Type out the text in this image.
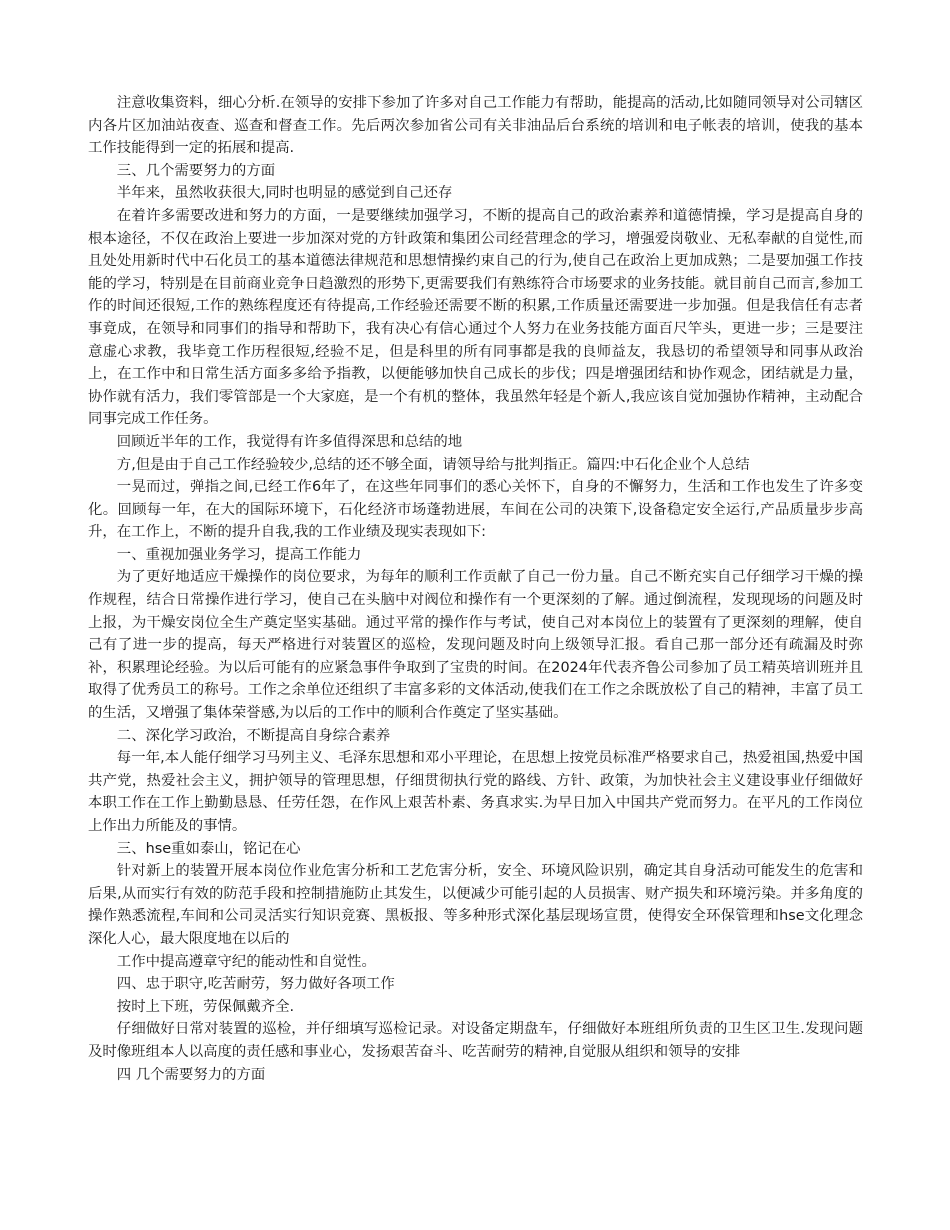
注意收集资料，细心分析.在领导的安排下参加了许多对自己工作能力有帮助，能提高的活动,比如随同领导对公司辖区内各片区加油站夜查、巡查和督查工作。先后两次参加省公司有关非油品后台系统的培训和电子帐表的培训，使我的基本工作技能得到一定的拓展和提高.

三、几个需要努力的方面

半年来，虽然收获很大,同时也明显的感觉到自己还存

在着许多需要改进和努力的方面，一是要继续加强学习，不断的提高自己的政治素养和道德情操，学习是提高自身的根本途径，不仅在政治上要进一步加深对党的方针政策和集团公司经营理念的学习，增强爱岗敬业、无私奉献的自觉性,而且处处用新时代中石化员工的基本道德法律规范和思想情操约束自己的行为,使自己在政治上更加成熟；二是要加强工作技能的学习，特别是在目前商业竞争日趋激烈的形势下,更需要我们有熟练符合市场要求的业务技能。就目前自己而言,参加工作的时间还很短,工作的熟练程度还有待提高,工作经验还需要不断的积累,工作质量还需要进一步加强。但是我信任有志者事竟成，在领导和同事们的指导和帮助下，我有决心有信心通过个人努力在业务技能方面百尺竿头，更进一步；三是要注意虚心求教，我毕竟工作历程很短,经验不足，但是科里的所有同事都是我的良师益友，我恳切的希望领导和同事从政治上，在工作中和日常生活方面多多给予指教，以便能够加快自己成长的步伐；四是增强团结和协作观念，团结就是力量，协作就有活力，我们零管部是一个大家庭，是一个有机的整体，我虽然年轻是个新人,我应该自觉加强协作精神，主动配合同事完成工作任务。

回顾近半年的工作，我觉得有许多值得深思和总结的地

方,但是由于自己工作经验较少,总结的还不够全面，请领导给与批判指正。篇四:中石化企业个人总结

一晃而过，弹指之间,已经工作6年了，在这些年同事们的悉心关怀下，自身的不懈努力，生活和工作也发生了许多变化。回顾每一年，在大的国际环境下，石化经济市场蓬勃进展，车间在公司的决策下,设备稳定安全运行,产品质量步步高升，在工作上，不断的提升自我,我的工作业绩及现实表现如下:

一、重视加强业务学习，提高工作能力

为了更好地适应干燥操作的岗位要求，为每年的顺利工作贡献了自己一份力量。自己不断充实自己仔细学习干燥的操作规程，结合日常操作进行学习，使自己在头脑中对阀位和操作有一个更深刻的了解。通过倒流程，发现现场的问题及时上报，为干燥安岗位全生产奠定坚实基础。通过平常的操作作与考试，使自己对本岗位上的装置有了更深刻的理解，使自己有了进一步的提高，每天严格进行对装置区的巡检，发现问题及时向上级领导汇报。看自己那一部分还有疏漏及时弥补，积累理论经验。为以后可能有的应紧急事件争取到了宝贵的时间。在2024年代表齐鲁公司参加了员工精英培训班并且取得了优秀员工的称号。工作之余单位还组织了丰富多彩的文体活动,使我们在工作之余既放松了自己的精神，丰富了员工的生活，又增强了集体荣誉感,为以后的工作中的顺利合作奠定了坚实基础。

二、深化学习政治，不断提高自身综合素养

每一年,本人能仔细学习马列主义、毛泽东思想和邓小平理论，在思想上按党员标准严格要求自己，热爱祖国,热爱中国共产党，热爱社会主义，拥护领导的管理思想，仔细贯彻执行党的路线、方针、政策，为加快社会主义建设事业仔细做好本职工作在工作上勤勤恳恳、任劳任怨，在作风上艰苦朴素、务真求实.为早日加入中国共产党而努力。在平凡的工作岗位上作出力所能及的事情。

三、hse重如泰山，铭记在心

针对新上的装置开展本岗位作业危害分析和工艺危害分析，安全、环境风险识别，确定其自身活动可能发生的危害和后果,从而实行有效的防范手段和控制措施防止其发生，以便减少可能引起的人员损害、财产损失和环境污染。并多角度的操作熟悉流程,车间和公司灵活实行知识竞赛、黑板报、等多种形式深化基层现场宣贯，使得安全环保管理和hse文化理念深化人心，最大限度地在以后的

工作中提高遵章守纪的能动性和自觉性。

四、忠于职守,吃苦耐劳，努力做好各项工作

按时上下班，劳保佩戴齐全.

仔细做好日常对装置的巡检，并仔细填写巡检记录。对设备定期盘车，仔细做好本班组所负责的卫生区卫生.发现问题及时像班组本人以高度的责任感和事业心，发扬艰苦奋斗、吃苦耐劳的精神,自觉服从组织和领导的安排

四 几个需要努力的方面
